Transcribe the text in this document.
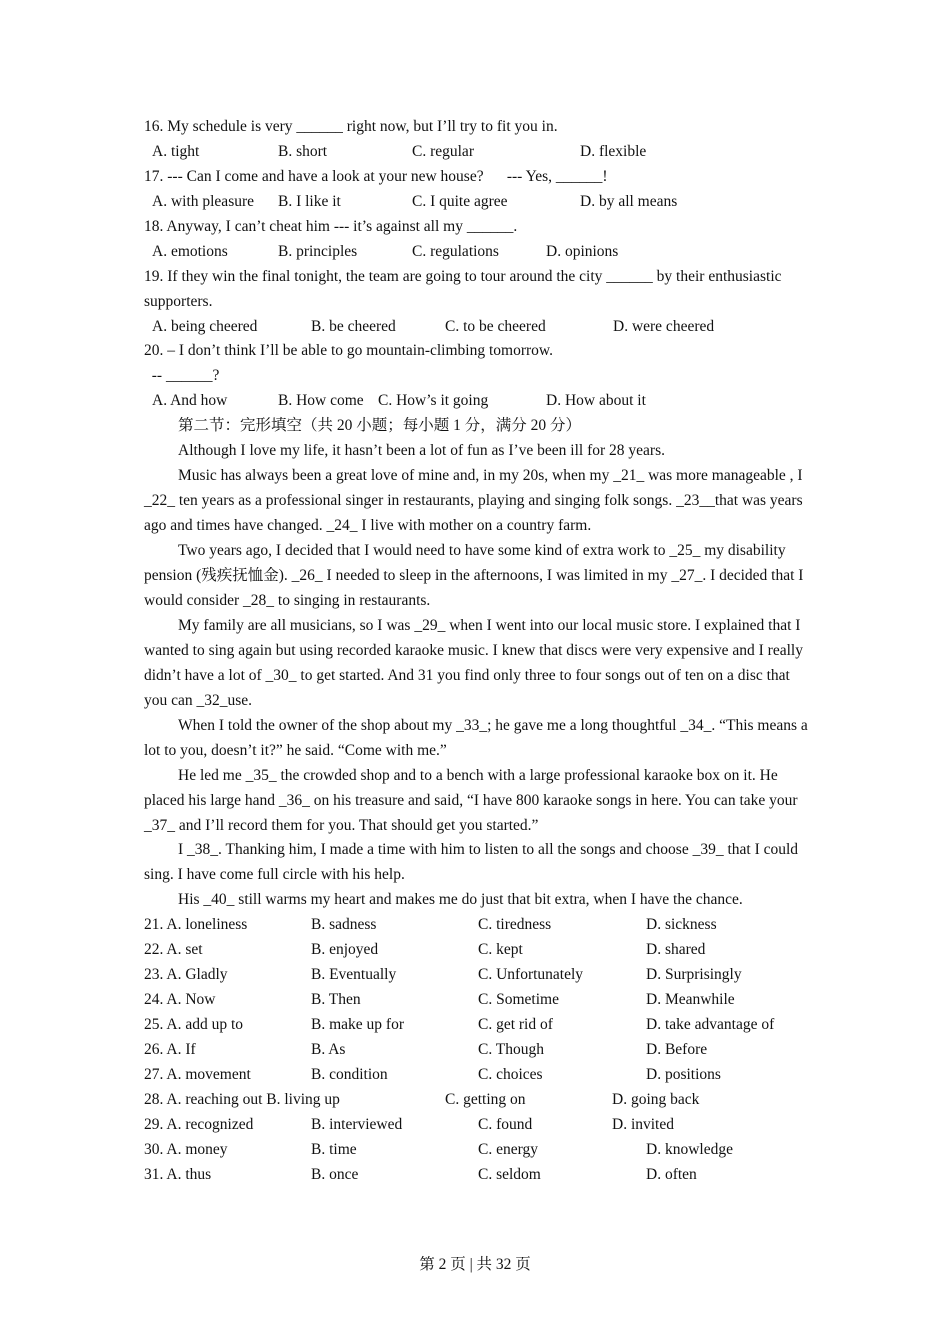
16. My schedule is very ______ right now, but I’ll try to fit you in.
A. tight	B. short	C. regular	D. flexible
17. --- Can I come and have a look at your new house?      --- Yes, ______!
A. with pleasure	B. I like it	C. I quite agree	D. by all means
18. Anyway, I can’t cheat him --- it’s against all my ______.
A. emotions	B. principles	C. regulations	D. opinions
19. If they win the final tonight, the team are going to tour around the city ______ by their enthusiastic supporters.
A. being cheered	B. be cheered	C. to be cheered	D. were cheered
20. – I don’t think I’ll be able to go mountain-climbing tomorrow.
-- ______?
A. And how	B. How come C. How’s it going	D. How about it
第二节：完形填空（共 20 小题；每小题 1 分，满分 20 分）
Although I love my life, it hasn’t been a lot of fun as I’ve been ill for 28 years.
Music has always been a great love of mine and, in my 20s, when my _21_ was more manageable , I _22_ ten years as a professional singer in restaurants, playing and singing folk songs. _23__that was years ago and times have changed. _24_ I live with mother on a country farm.
Two years ago, I decided that I would need to have some kind of extra work to _25_ my disability pension (残疾抚恤金). _26_ I needed to sleep in the afternoons, I was limited in my _27_. I decided that I would consider _28_ to singing in restaurants.
My family are all musicians, so I was _29_ when I went into our local music store. I explained that I wanted to sing again but using recorded karaoke music. I knew that discs were very expensive and I really didn’t have a lot of _30_ to get started. And 31 you find only three to four songs out of ten on a disc that you can _32_use.
When I told the owner of the shop about my _33_; he gave me a long thoughtful _34_. “This means a lot to you, doesn’t it?” he said. “Come with me.”
He led me _35_ the crowded shop and to a bench with a large professional karaoke box on it. He placed his large hand _36_ on his treasure and said, “I have 800 karaoke songs in here. You can take your _37_ and I’ll record them for you. That should get you started.”
I _38_. Thanking him, I made a time with him to listen to all the songs and choose _39_ that I could sing. I have come full circle with his help.
His _40_ still warms my heart and makes me do just that bit extra, when I have the chance.
21. A. loneliness	B. sadness	C. tiredness	D. sickness
22. A. set	B. enjoyed	C. kept	D. shared
23. A. Gladly	B. Eventually	C. Unfortunately	D. Surprisingly
24. A. Now	B. Then	C. Sometime	D. Meanwhile
25. A. add up to	B. make up for	C. get rid of	D. take advantage of
26. A. If	B. As	C. Though	D. Before
27. A. movement	B. condition	C. choices	D. positions
28. A. reaching out B. living up	C. getting on	D. going back
29. A. recognized	B. interviewed	C. found	D. invited
30. A. money	B. time	C. energy	D. knowledge
31. A. thus	B. once	C. seldom	D. often
第 2 页 | 共 32 页
